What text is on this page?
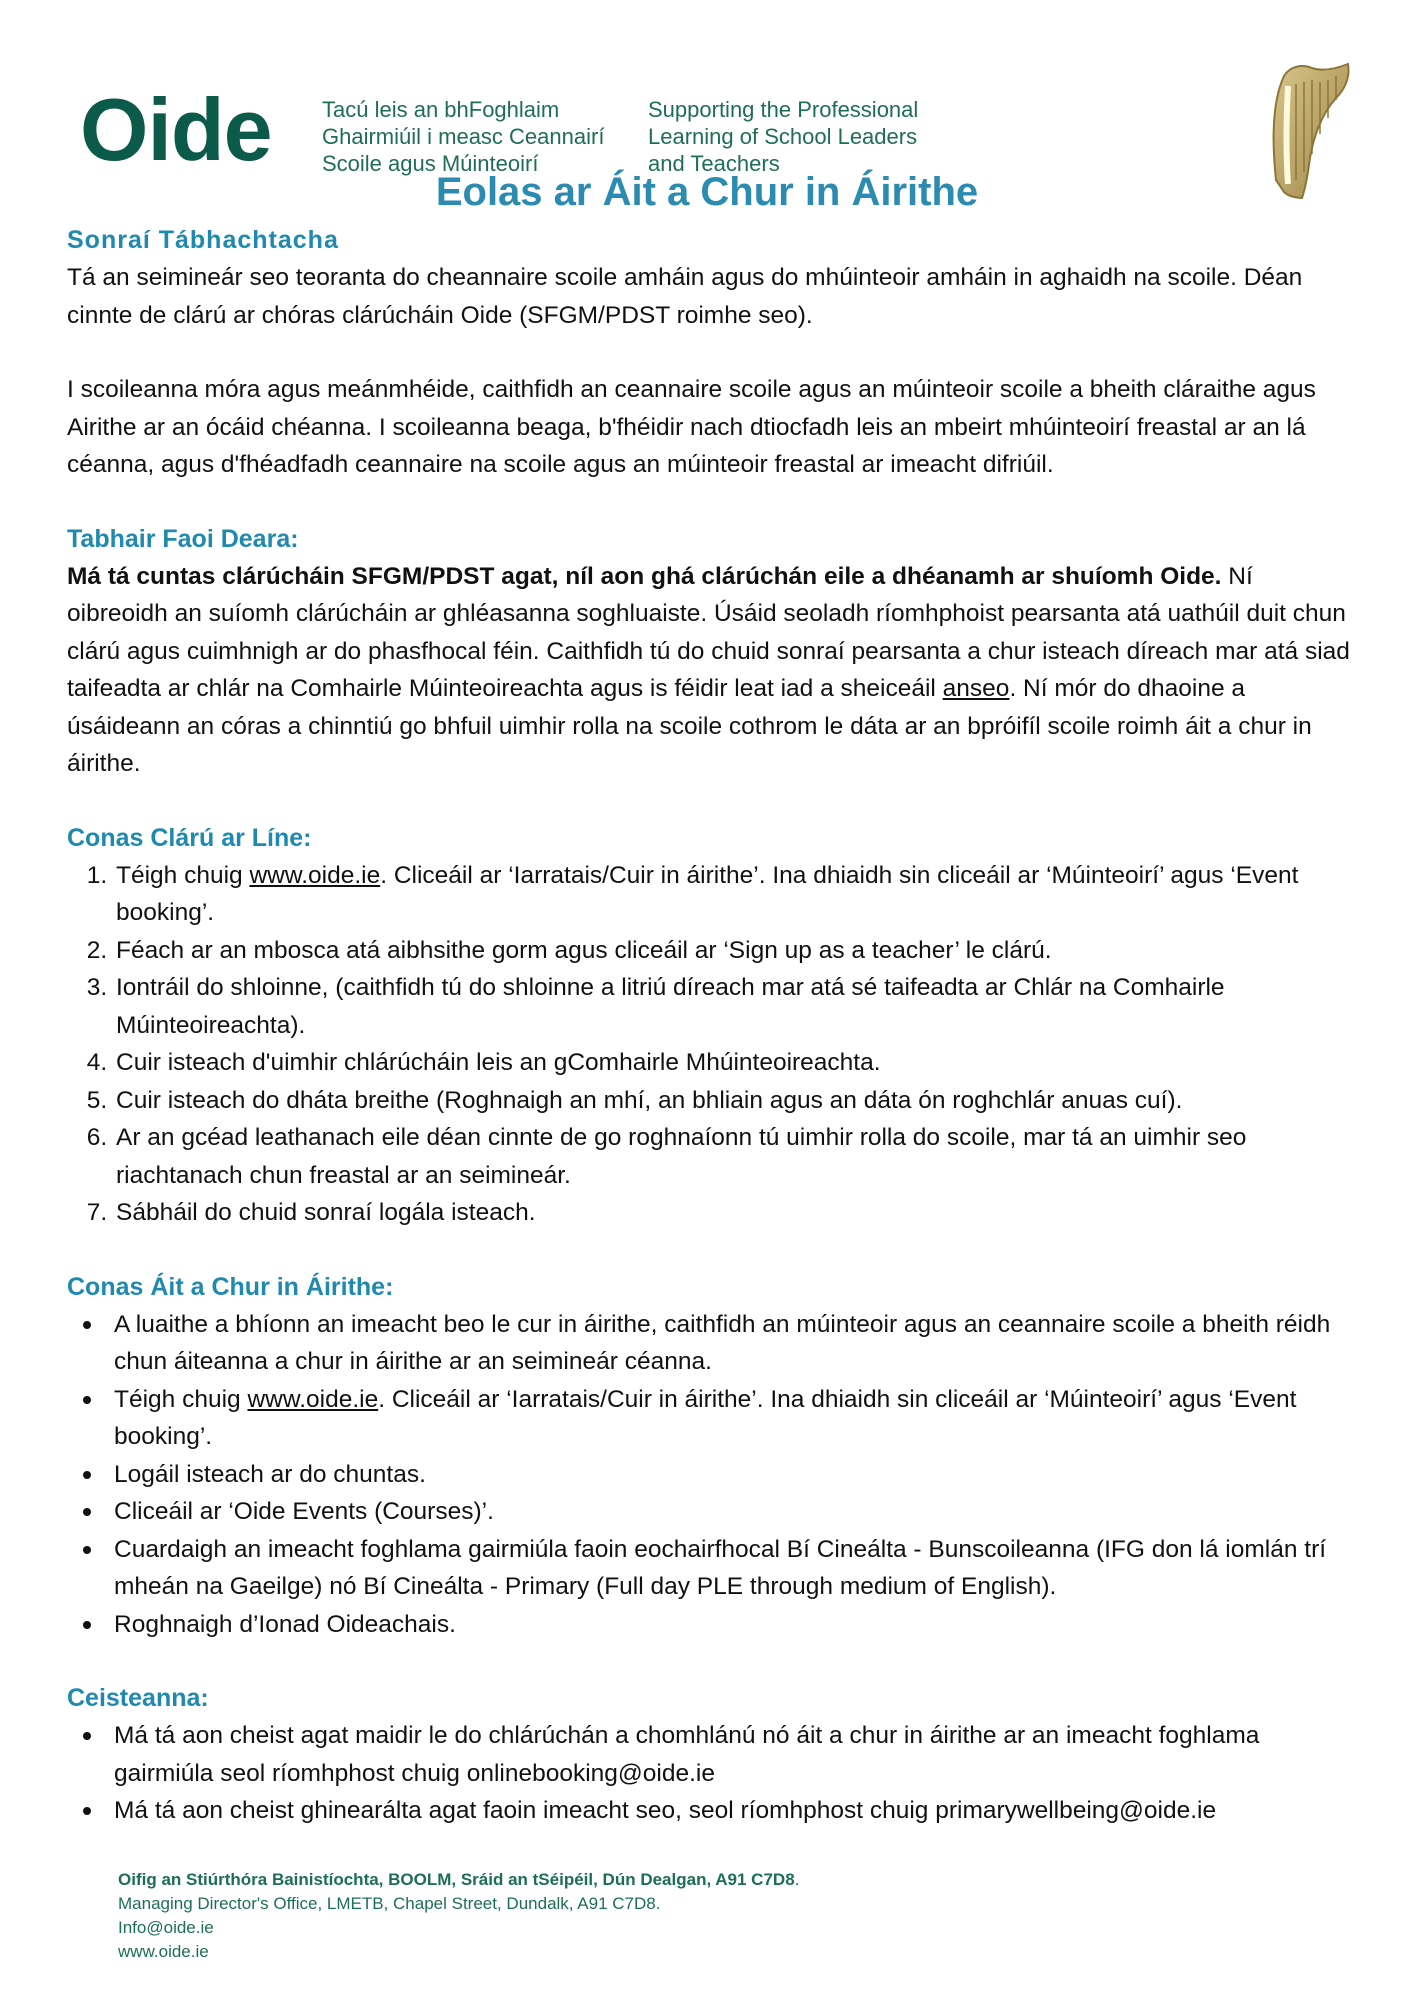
Oide Tacú leis an bhFoghlaim
Ghairmiúil i measc Ceannairí
Scoile agus Múinteoirí
Supporting the Professional
Learning of School Leaders
and Teachers
Eolas ar Áit a Chur in Áirithe
Sonraí Tábhachtacha

Tá an seimineár seo teoranta do cheannaire scoile amháin agus do mhúinteoir amháin in aghaidh na scoile. Déan cinnte de clárú ar chóras clárúcháin Oide (SFGM/PDST roimhe seo).

I scoileanna móra agus meánmhéide, caithfidh an ceannaire scoile agus an múinteoir scoile a bheith cláraithe agus Airithe ar an ócáid chéanna. I scoileanna beaga, b'fhéidir nach dtiocfadh leis an mbeirt mhúinteoirí freastal ar an lá céanna, agus d'fhéadfadh ceannaire na scoile agus an múinteoir freastal ar imeacht difriúil.

Tabhair Faoi Deara:

Má tá cuntas clárúcháin SFGM/PDST agat, níl aon ghá clárúchán eile a dhéanamh ar shuíomh Oide. Ní oibreoidh an suíomh clárúcháin ar ghléasanna soghluaiste. Úsáid seoladh ríomhphoist pearsanta atá uathúil duit chun clárú agus cuimhnigh ar do phasfhocal féin. Caithfidh tú do chuid sonraí pearsanta a chur isteach díreach mar atá siad taifeadta ar chlár na Comhairle Múinteoireachta agus is féidir leat iad a sheiceáil anseo. Ní mór do dhaoine a úsáideann an córas a chinntiú go bhfuil uimhir rolla na scoile cothrom le dáta ar an bpróifíl scoile roimh áit a chur in áirithe.

Conas Clárú ar Líne:
1. Téigh chuig www.oide.ie. Cliceáil ar ‘Iarratais/Cuir in áirithe’. Ina dhiaidh sin cliceáil ar ‘Múinteoirí’ agus ‘Event booking’.
2. Féach ar an mbosca atá aibhsithe gorm agus cliceáil ar ‘Sign up as a teacher’ le clárú.
3. Iontráil do shloinne, (caithfidh tú do shloinne a litriú díreach mar atá sé taifeadta ar Chlár na Comhairle Múinteoireachta).
4. Cuir isteach d'uimhir chlárúcháin leis an gComhairle Mhúinteoireachta.
5. Cuir isteach do dháta breithe (Roghnaigh an mhí, an bhliain agus an dáta ón roghchlár anuas cuí).
6. Ar an gcéad leathanach eile déan cinnte de go roghnaíonn tú uimhir rolla do scoile, mar tá an uimhir seo riachtanach chun freastal ar an seimineár.
7. Sábháil do chuid sonraí logála isteach.
Conas Áit a Chur in Áirithe:
A luaithe a bhíonn an imeacht beo le cur in áirithe, caithfidh an múinteoir agus an ceannaire scoile a bheith réidh chun áiteanna a chur in áirithe ar an seimineár céanna.
Téigh chuig www.oide.ie. Cliceáil ar ‘Iarratais/Cuir in áirithe’. Ina dhiaidh sin cliceáil ar ‘Múinteoirí’ agus ‘Event booking’.
Logáil isteach ar do chuntas.
Cliceáil ar ‘Oide Events (Courses)’.
Cuardaigh an imeacht foghlama gairmiúla faoin eochairfhocal Bí Cineálta - Bunscoileanna (IFG don lá iomlán trí mheán na Gaeilge) nó Bí Cineálta - Primary (Full day PLE through medium of English).
Roghnaigh d’Ionad Oideachais.
Ceisteanna:
Má tá aon cheist agat maidir le do chlárúchán a chomhlánú nó áit a chur in áirithe ar an imeacht foghlama gairmiúla seol ríomhphost chuig onlinebooking@oide.ie
Má tá aon cheist ghinearálta agat faoin imeacht seo, seol ríomhphost chuig primarywellbeing@oide.ie
Oifig an Stiúrthóra Bainistíochta, BOOLM, Sráid an tSéipéil, Dún Dealgan, A91 C7D8.
Managing Director's Office, LMETB, Chapel Street, Dundalk, A91 C7D8.
Info@oide.ie
www.oide.ie
